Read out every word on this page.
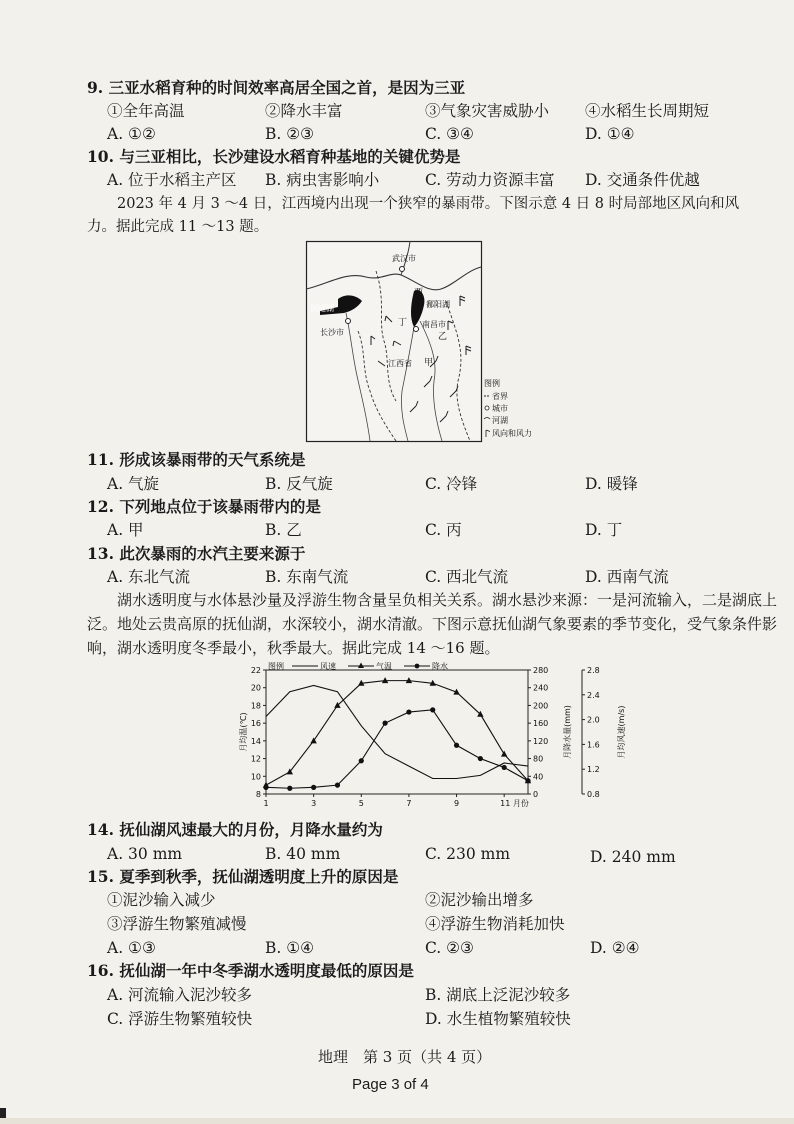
9. 三亚水稻育种的时间效率高居全国之首，是因为三亚
①全年高温	②降水丰富	③气象灾害威胁小 ④水稻生长周期短
A. ①②	B. ②③	C. ③④	D. ①④
10. 与三亚相比，长沙建设水稻育种基地的关键优势是
A. 位于水稻主产区 B. 病虫害影响小	C. 劳动力资源丰富 D. 交通条件优越
2023 年 4 月 3 ～4 日，江西境内出现一个狭窄的暴雨带。下图示意 4 日 8 时局部地区风向和风
力。据此完成 11 ～13 题。
武汉市
洞庭湖	鄱阳湖
长沙市
南昌市
江西省
西
丁
乙
甲
图例
省界
城市
河湖
风向和风力
11. 形成该暴雨带的天气系统是
A. 气旋	B. 反气旋	C. 冷锋	D. 暖锋
12. 下列地点位于该暴雨带内的是
A. 甲	B. 乙	C. 丙	D. 丁
13. 此次暴雨的水汽主要来源于
A. 东北气流	B. 东南气流	C. 西北气流	D. 西南气流
湖水透明度与水体悬沙量及浮游生物含量呈负相关关系。湖水悬沙来源：一是河流输入，二是湖底上泛。地处云贵高原的抚仙湖，水深较小，湖水清澈。下图示意抚仙湖气象要素的季节变化，受气象条件影响，湖水透明度冬季最小，秋季最大。据此完成 14 ～16 题。
8
10
12
14
16
18
20
22
月均温(℃)
0
40
80
120
160
200
240
280
月降水量(mm)
0.8
1.2
1.6
2.0
2.4
2.8
月均风速(m/s)
1	3	5	7	9	11 月份
图例	风速	气温	降水
14. 抚仙湖风速最大的月份，月降水量约为
A. 30 mm	B. 40 mm	C. 230 mm	D. 240 mm
15. 夏季到秋季，抚仙湖透明度上升的原因是
①泥沙输入减少	②泥沙输出增多
③浮游生物繁殖减慢	④浮游生物消耗加快
A. ①③	B. ①④	C. ②③	D. ②④
16. 抚仙湖一年中冬季湖水透明度最低的原因是
A. 河流输入泥沙较多	B. 湖底上泛泥沙较多
C. 浮游生物繁殖较快	D. 水生植物繁殖较快
地理　第 3 页（共 4 页）
Page 3 of 4
